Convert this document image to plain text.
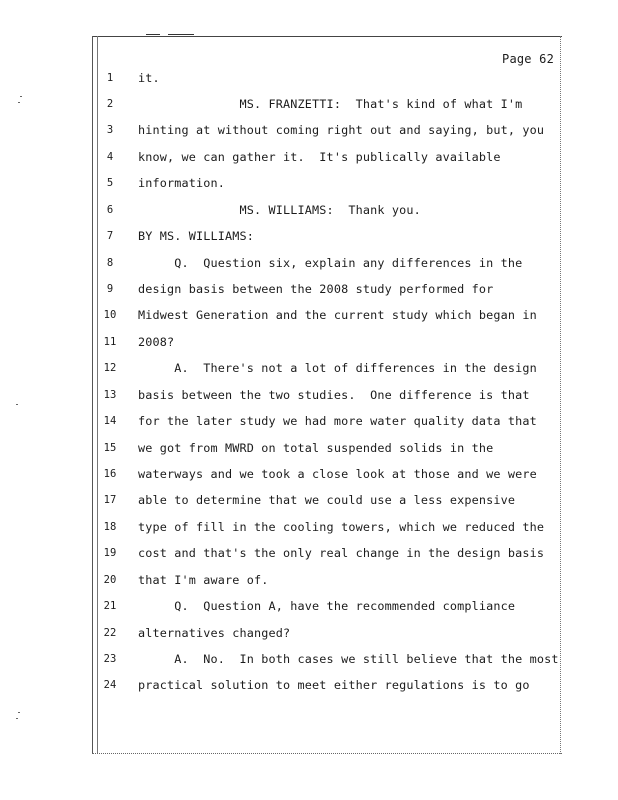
Page 62
1	it.
2	MS. FRANZETTI:  That's kind of what I'm
3	hinting at without coming right out and saying, but, you
4	know, we can gather it.  It's publically available
5	information.
6	MS. WILLIAMS:  Thank you.
7	BY MS. WILLIAMS:
8	Q.  Question six, explain any differences in the
9	design basis between the 2008 study performed for
10 Midwest Generation and the current study which began in
11 2008?
12 A.  There's not a lot of differences in the design
13 basis between the two studies.  One difference is that
14 for the later study we had more water quality data that
15 we got from MWRD on total suspended solids in the
16 waterways and we took a close look at those and we were
17 able to determine that we could use a less expensive
18 type of fill in the cooling towers, which we reduced the
19 cost and that's the only real change in the design basis
20 that I'm aware of.
21 Q.  Question A, have the recommended compliance
22 alternatives changed?
23 A.  No.  In both cases we still believe that the most
24 practical solution to meet either regulations is to go
